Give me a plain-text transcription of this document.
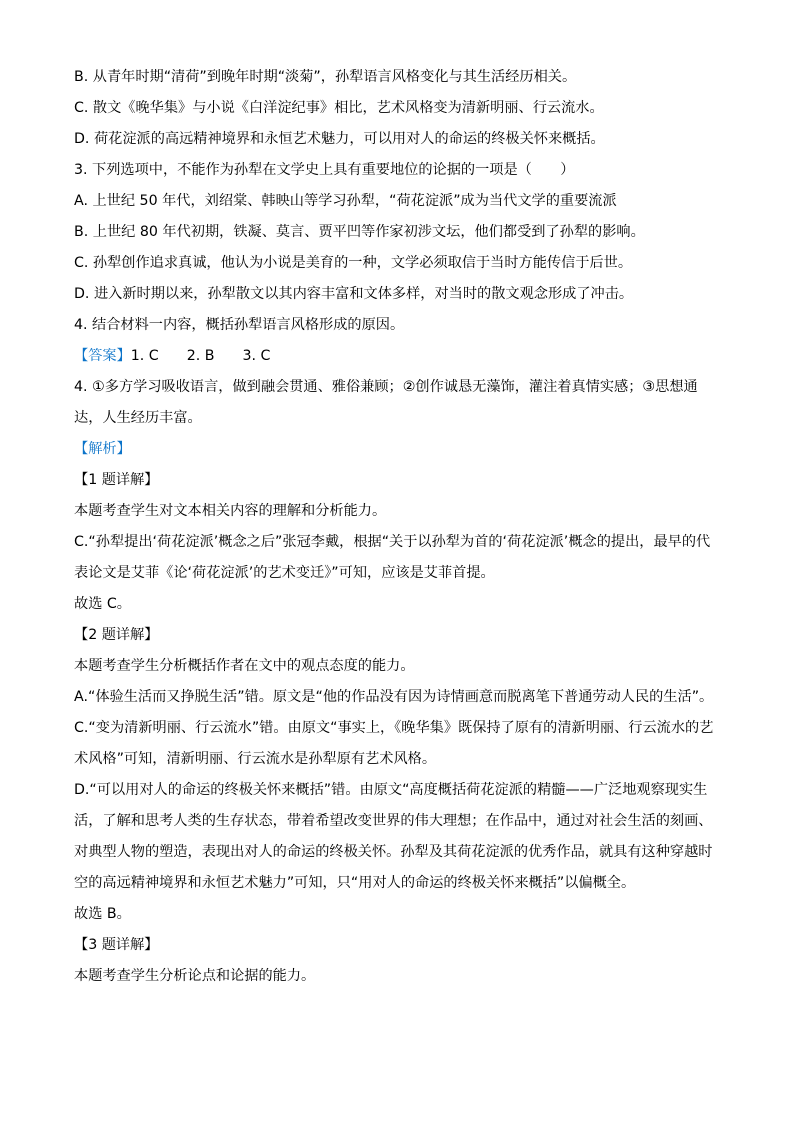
B. 从青年时期“清荷”到晚年时期“淡菊”，孙犁语言风格变化与其生活经历相关。

C. 散文《晚华集》与小说《白洋淀纪事》相比，艺术风格变为清新明丽、行云流水。

D. 荷花淀派的高远精神境界和永恒艺术魅力，可以用对人的命运的终极关怀来概括。

3. 下列选项中，不能作为孙犁在文学史上具有重要地位的论据的一项是（　　）

A. 上世纪 50 年代，刘绍棠、韩映山等学习孙犁，“荷花淀派”成为当代文学的重要流派

B. 上世纪 80 年代初期，铁凝、莫言、贾平凹等作家初涉文坛，他们都受到了孙犁的影响。

C. 孙犁创作追求真诚，他认为小说是美育的一种，文学必须取信于当时方能传信于后世。

D. 进入新时期以来，孙犁散文以其内容丰富和文体多样，对当时的散文观念形成了冲击。

4. 结合材料一内容，概括孙犁语言风格形成的原因。

【答案】1. C 2. B 3. C

4. ①多方学习吸收语言，做到融会贯通、雅俗兼顾；②创作诚恳无藻饰，灌注着真情实感；③思想通达，人生经历丰富。

【解析】

【1 题详解】

本题考查学生对文本相关内容的理解和分析能力。

C.“孙犁提出‘荷花淀派’概念之后”张冠李戴，根据“关于以孙犁为首的‘荷花淀派’概念的提出，最早的代表论文是艾菲《论‘荷花淀派’的艺术变迁》”可知，应该是艾菲首提。

故选 C。

【2 题详解】

本题考查学生分析概括作者在文中的观点态度的能力。

A.“体验生活而又挣脱生活”错。原文是“他的作品没有因为诗情画意而脱离笔下普通劳动人民的生活”。

C.“变为清新明丽、行云流水”错。由原文“事实上，《晚华集》既保持了原有的清新明丽、行云流水的艺术风格”可知，清新明丽、行云流水是孙犁原有艺术风格。

D.“可以用对人的命运的终极关怀来概括”错。由原文“高度概括荷花淀派的精髓——广泛地观察现实生活，了解和思考人类的生存状态，带着希望改变世界的伟大理想；在作品中，通过对社会生活的刻画、对典型人物的塑造，表现出对人的命运的终极关怀。孙犁及其荷花淀派的优秀作品，就具有这种穿越时空的高远精神境界和永恒艺术魅力”可知，只“用对人的命运的终极关怀来概括”以偏概全。

故选 B。

【3 题详解】

本题考查学生分析论点和论据的能力。
